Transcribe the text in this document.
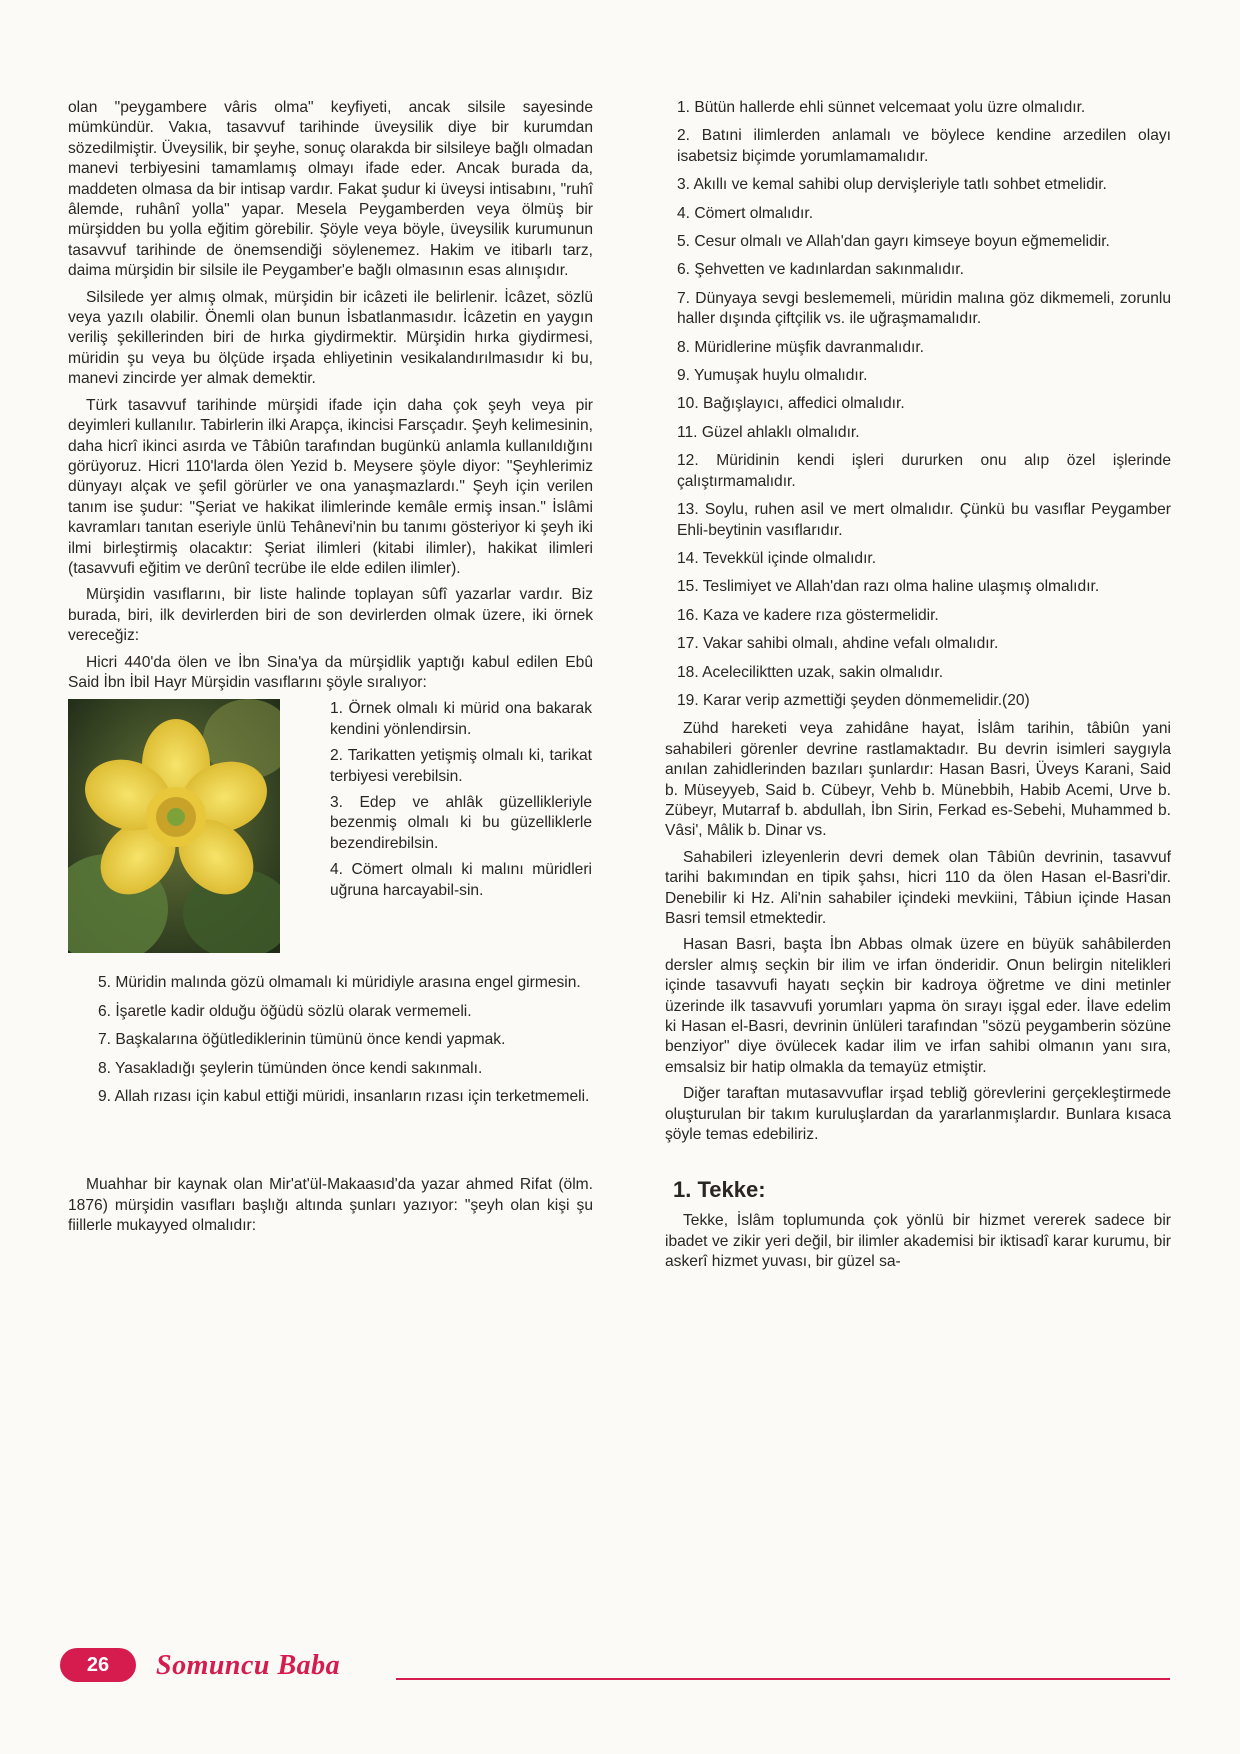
olan "peygambere vâris olma" keyfiyeti, ancak silsile sayesinde mümkündür. Vakıa, tasavvuf tarihinde üveysilik diye bir kurumdan sözedilmiştir. Üveysilik, bir şeyhe, sonuç olarakda bir silsileye bağlı olmadan manevi terbiyesini tamamlamış olmayı ifade eder. Ancak burada da, maddeten olmasa da bir intisap vardır. Fakat şudur ki üveysi intisabını, "ruhî âlemde, ruhânî yolla" yapar. Mesela Peygamberden veya ölmüş bir mürşidden bu yolla eğitim görebilir. Şöyle veya böyle, üveysilik kurumunun tasavvuf tarihinde de önemsendiği söylenemez. Hakim ve itibarlı tarz, daima mürşidin bir silsile ile Peygamber'e bağlı olmasının esas alınışıdır.

Silsilede yer almış olmak, mürşidin bir icâzeti ile belirlenir. İcâzet, sözlü veya yazılı olabilir. Önemli olan bunun İsbatlanmasıdır. İcâzetin en yaygın veriliş şekillerinden biri de hırka giydirmektir. Mürşidin hırka giydirmesi, müridin şu veya bu ölçüde irşada ehliyetinin vesikalandırılmasıdır ki bu, manevi zincirde yer almak demektir.

Türk tasavvuf tarihinde mürşidi ifade için daha çok şeyh veya pir deyimleri kullanılır. Tabirlerin ilki Arapça, ikincisi Farsçadır. Şeyh kelimesinin, daha hicrî ikinci asırda ve Tâbiûn tarafından bugünkü anlamla kullanıldığını görüyoruz. Hicri 110'larda ölen Yezid b. Meysere şöyle diyor: "Şeyhlerimiz dünyayı alçak ve şefil görürler ve ona yanaşmazlardı." Şeyh için verilen tanım ise şudur: "Şeriat ve hakikat ilimlerinde kemâle ermiş insan." İslâmi kavramları tanıtan eseriyle ünlü Tehânevi'nin bu tanımı gösteriyor ki şeyh iki ilmi birleştirmiş olacaktır: Şeriat ilimleri (kitabi ilimler), hakikat ilimleri (tasavvufi eğitim ve derûnî tecrübe ile elde edilen ilimler).

Mürşidin vasıflarını, bir liste halinde toplayan sûfî yazarlar vardır. Biz burada, biri, ilk devirlerden biri de son devirlerden olmak üzere, iki örnek vereceğiz:

Hicri 440'da ölen ve İbn Sina'ya da mürşidlik yaptığı kabul edilen Ebû Said İbn İbil Hayr Mürşidin vasıflarını şöyle sıralıyor:

1. Örnek olmalı ki mürid ona bakarak kendini yönlendirsin.
2. Tarikatten yetişmiş olmalı ki, tarikat terbiyesi verebilsin.
3. Edep ve ahlâk güzellikleriyle bezenmiş olmalı ki bu güzelliklerle bezendirebilsin.
4. Cömert olmalı ki malını müridleri uğruna harcayabil-sin.
5. Müridin malında gözü olmamalı ki müridiyle arasına engel girmesin.
6. İşaretle kadir olduğu öğüdü sözlü olarak vermemeli.
7. Başkalarına öğütlediklerinin tümünü önce kendi yapmak.
8. Yasakladığı şeylerin tümünden önce kendi sakınmalı.
9. Allah rızası için kabul ettiği müridi, insanların rızası için terketmemeli.

Muahhar bir kaynak olan Mir'at'ül-Makaasıd'da yazar ahmed Rifat (ölm. 1876) mürşidin vasıfları başlığı altında şunları yazıyor: "şeyh olan kişi şu fiillerle mukayyed olmalıdır:

1. Bütün hallerde ehli sünnet velcemaat yolu üzre olmalıdır.
2. Batıni ilimlerden anlamalı ve böylece kendine arzedilen olayı isabetsiz biçimde yorumlamamalıdır.
3. Akıllı ve kemal sahibi olup dervişleriyle tatlı sohbet etmelidir.
4. Cömert olmalıdır.
5. Cesur olmalı ve Allah'dan gayrı kimseye boyun eğmemelidir.
6. Şehvetten ve kadınlardan sakınmalıdır.
7. Dünyaya sevgi beslememeli, müridin malına göz dikmemeli, zorunlu haller dışında çiftçilik vs. ile uğraşmamalıdır.
8. Müridlerine müşfik davranmalıdır.
9. Yumuşak huylu olmalıdır.
10. Bağışlayıcı, affedici olmalıdır.
11. Güzel ahlaklı olmalıdır.
12. Müridinin kendi işleri dururken onu alıp özel işlerinde çalıştırmamalıdır.
13. Soylu, ruhen asil ve mert olmalıdır. Çünkü bu vasıflar Peygamber Ehli-beytinin vasıflarıdır.
14. Tevekkül içinde olmalıdır.
15. Teslimiyet ve Allah'dan razı olma haline ulaşmış olmalıdır.
16. Kaza ve kadere rıza göstermelidir.
17. Vakar sahibi olmalı, ahdine vefalı olmalıdır.
18. Aceleciliktten uzak, sakin olmalıdır.
19. Karar verip azmettiği şeyden dönmemelidir.(20)

Zühd hareketi veya zahidâne hayat, İslâm tarihin, tâbiûn yani sahabileri görenler devrine rastlamaktadır. Bu devrin isimleri saygıyla anılan zahidlerinden bazıları şunlardır: Hasan Basri, Üveys Karani, Said b. Müseyyeb, Said b. Cübeyr, Vehb b. Münebbih, Habib Acemi, Urve b. Zübeyr, Mutarraf b. abdullah, İbn Sirin, Ferkad es-Sebehi, Muhammed b. Vâsi', Mâlik b. Dinar vs.

Sahabileri izleyenlerin devri demek olan Tâbiûn devrinin, tasavvuf tarihi bakımından en tipik şahsı, hicri 110 da ölen Hasan el-Basri'dir. Denebilir ki Hz. Ali'nin sahabiler içindeki mevkiini, Tâbiun içinde Hasan Basri temsil etmektedir.

Hasan Basri, başta İbn Abbas olmak üzere en büyük sahâbilerden dersler almış seçkin bir ilim ve irfan önderidir. Onun belirgin nitelikleri içinde tasavvufi hayatı seçkin bir kadroya öğretme ve dini metinler üzerinde ilk tasavvufi yorumları yapma ön sırayı işgal eder. İlave edelim ki Hasan el-Basri, devrinin ünlüleri tarafından "sözü peygamberin sözüne benziyor" diye övülecek kadar ilim ve irfan sahibi olmanın yanı sıra, emsalsiz bir hatip olmakla da temayüz etmiştir.

Diğer taraftan mutasavvuflar irşad tebliğ görevlerini gerçekleştirmede oluşturulan bir takım kuruluşlardan da yararlanmışlardır. Bunlara kısaca şöyle temas edebiliriz.

1. Tekke:

Tekke, İslâm toplumunda çok yönlü bir hizmet vererek sadece bir ibadet ve zikir yeri değil, bir ilimler akademisi bir iktisadî karar kurumu, bir askerî hizmet yuvası, bir güzel sa-

26	Somuncu Baba
